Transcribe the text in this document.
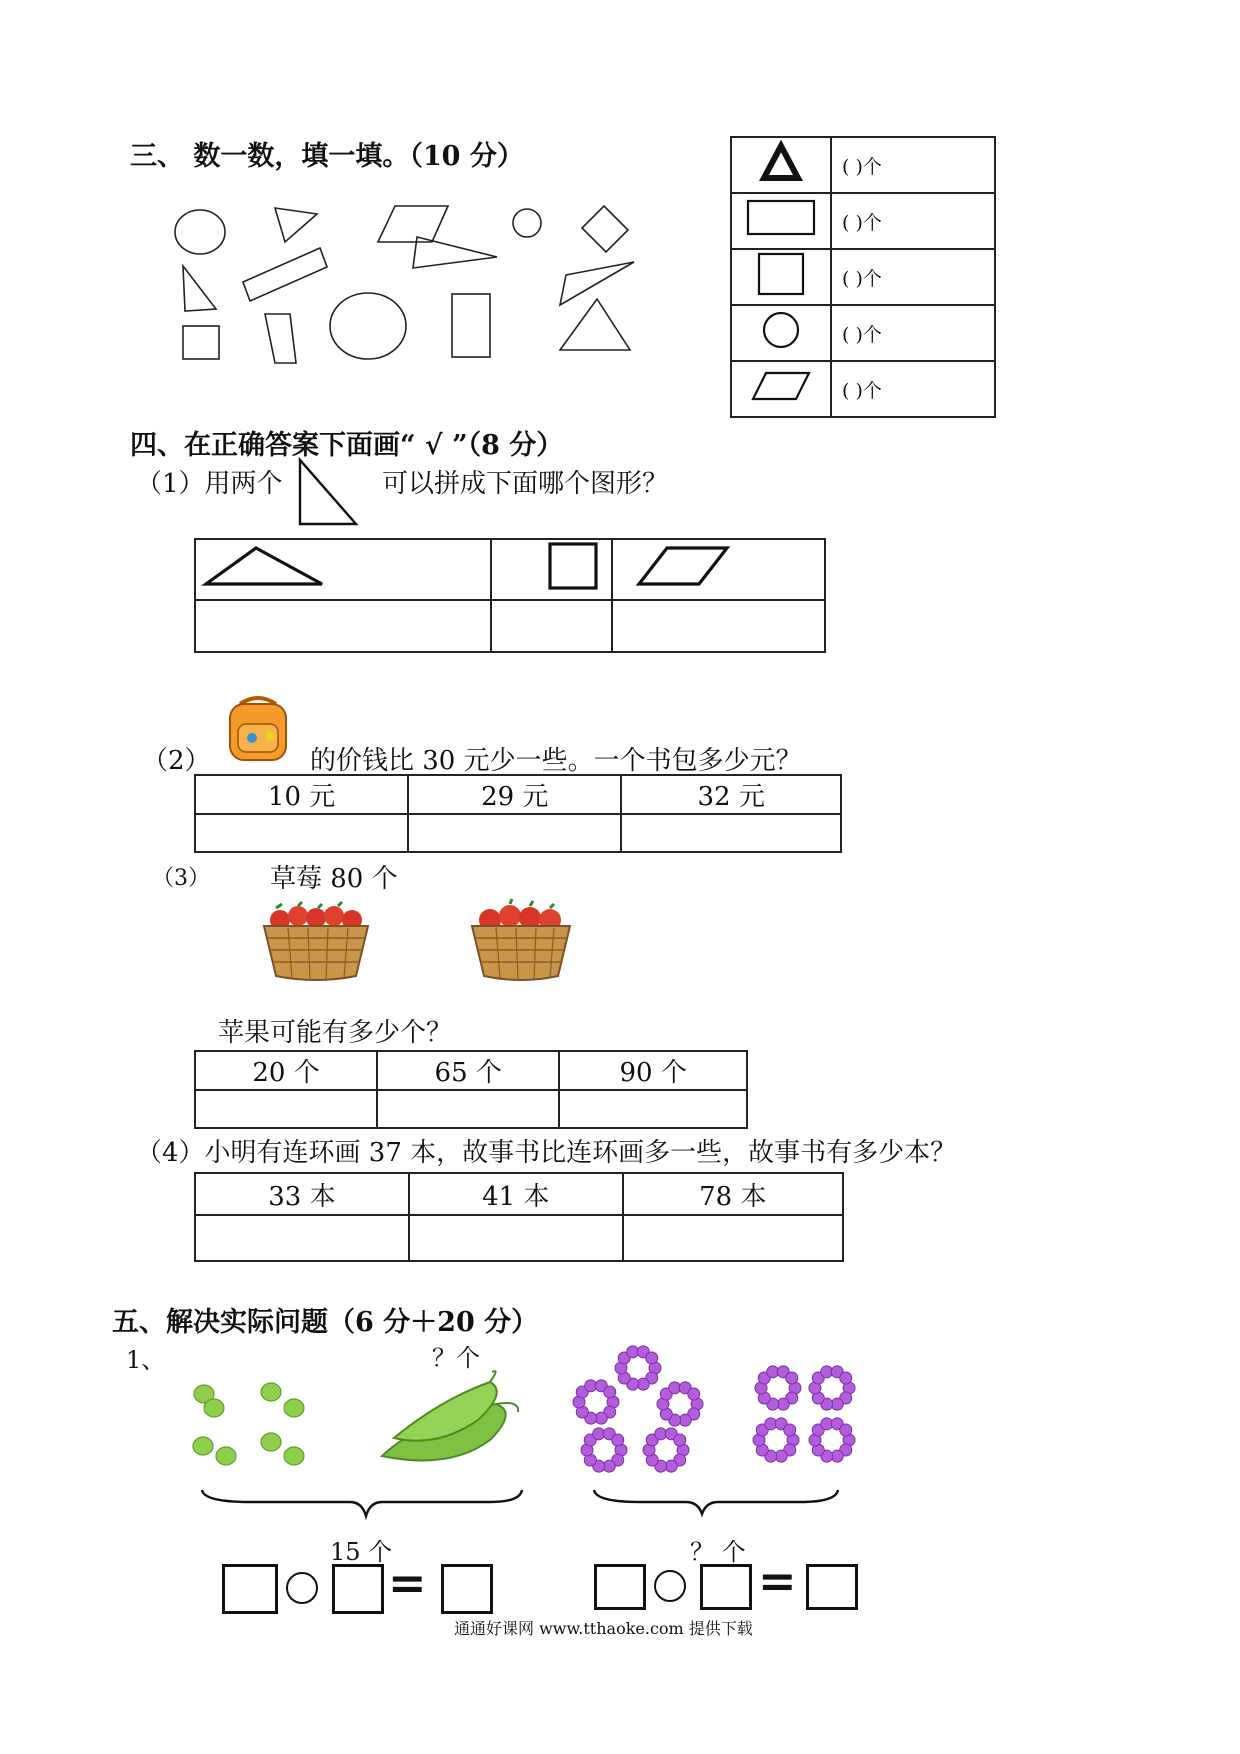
三、 数一数，填一填。（10 分）
		( )个
	( )个
	( )个
	( )个
	( )个
四、在正确答案下面画“ √ ”（8 分）
（1）用两个	可以拼成下面哪个图形？

（2）	的价钱比 30 元少一些。一个书包多少元？
10 元	29 元	32 元

（3） 草莓 80 个
苹果可能有多少个？
20 个	65 个	90 个

（4）小明有连环画 37 本，故事书比连环画多一些，故事书有多少本？
33 本	41 本	78 本

五、解决实际问题（6 分＋20 分）
1、	？个
15 个	？ 个
=	=
通通好课网 www.tthaoke.com 提供下载
